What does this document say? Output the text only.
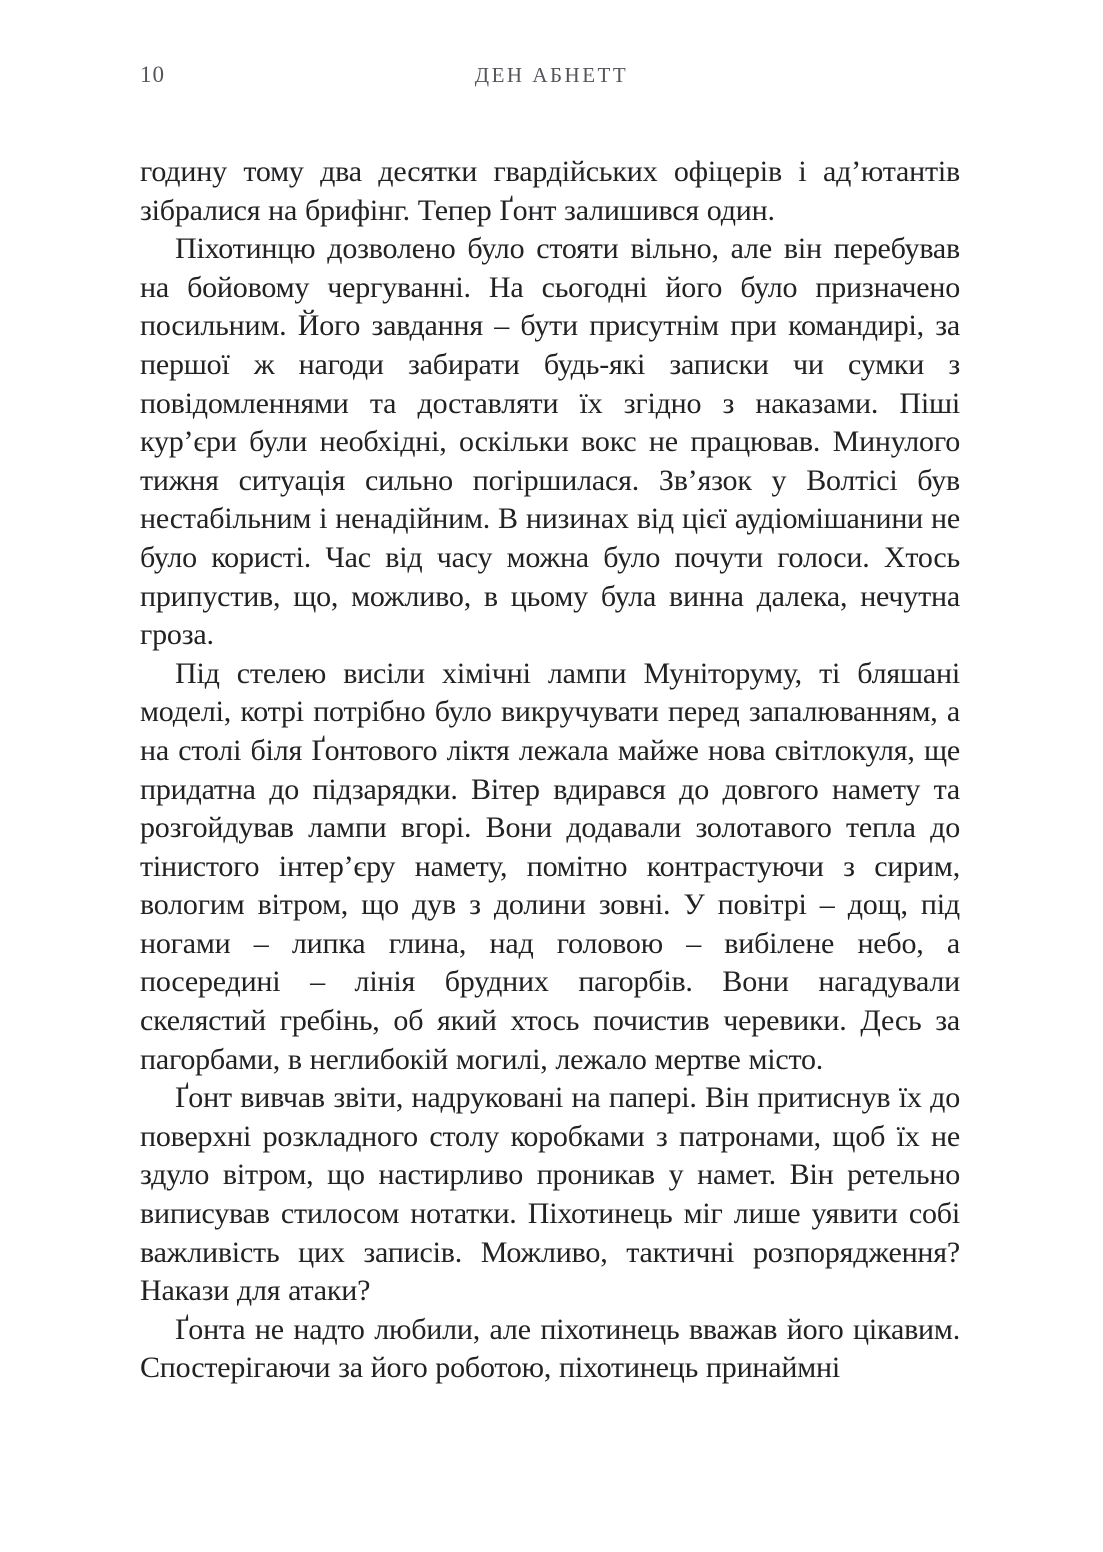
10	ДЕН АБНЕТТ

годину тому два десятки гвардійських офіцерів і ад’ютантів зібралися на брифінг. Тепер Ґонт залишився один.

Піхотинцю дозволено було стояти вільно, але він перебував на бойовому чергуванні. На сьогодні його було призначено посильним. Його завдання – бути присутнім при командирі, за першої ж нагоди забирати будь-які записки чи сумки з повідомленнями та доставляти їх згідно з наказами. Піші кур’єри були необхідні, оскільки вокс не працював. Минулого тижня ситуація сильно погіршилася. Зв’язок у Волтісі був нестабільним і ненадійним. В низинах від цієї аудіомішанини не було користі. Час від часу можна було почути голоси. Хтось припустив, що, можливо, в цьому була винна далека, нечутна гроза.

Під стелею висіли хімічні лампи Муніторуму, ті бляшані моделі, котрі потрібно було викручувати перед запалюванням, а на столі біля Ґонтового ліктя лежала майже нова світлокуля, ще придатна до підзарядки. Вітер вдирався до довгого намету та розгойдував лампи вгорі. Вони додавали золотавого тепла до тінистого інтер’єру намету, помітно контрастуючи з сирим, вологим вітром, що дув з долини зовні. У повітрі – дощ, під ногами – липка глина, над головою – вибілене небо, а посередині – лінія брудних пагорбів. Вони нагадували скелястий гребінь, об який хтось почистив черевики. Десь за пагорбами, в неглибокій могилі, лежало мертве місто.

Ґонт вивчав звіти, надруковані на папері. Він притиснув їх до поверхні розкладного столу коробками з патронами, щоб їх не здуло вітром, що настирливо проникав у намет. Він ретельно виписував стилосом нотатки. Піхотинець міг лише уявити собі важливість цих записів. Можливо, тактичні розпорядження? Накази для атаки?

Ґонта не надто любили, але піхотинець вважав його цікавим. Спостерігаючи за його роботою, піхотинець принаймні
